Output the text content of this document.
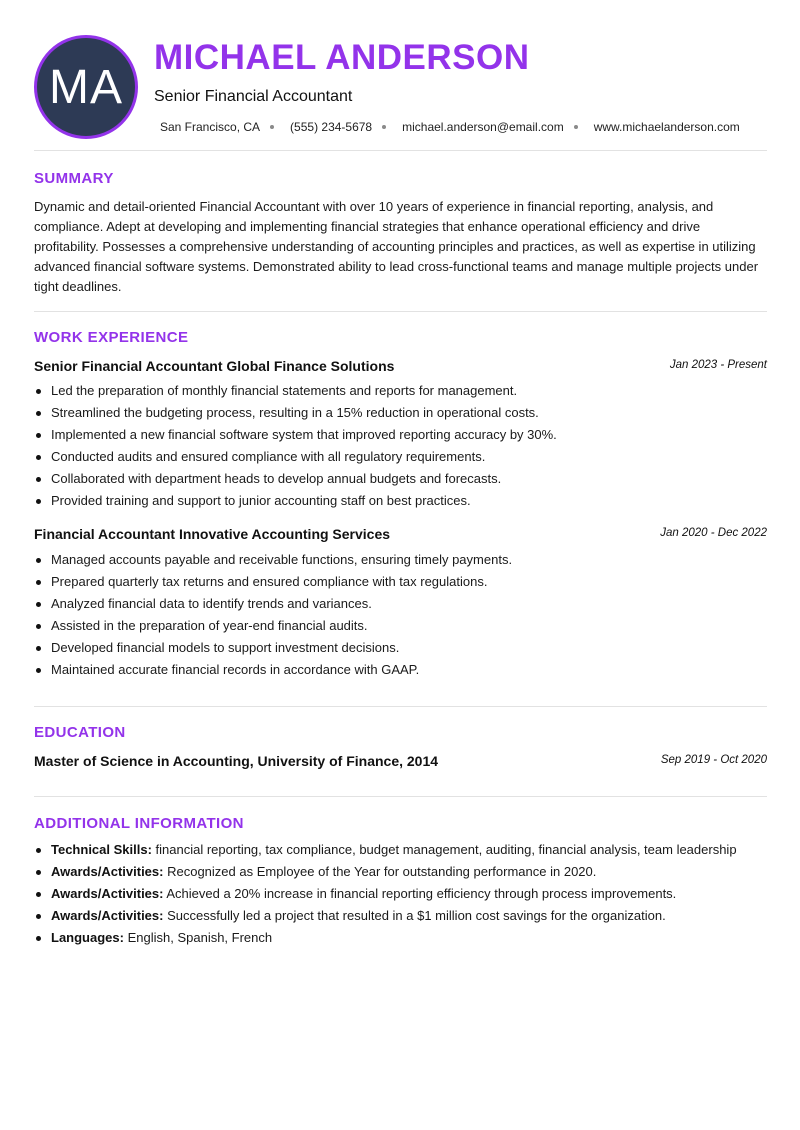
MA
MICHAEL ANDERSON
Senior Financial Accountant
San Francisco, CA	(555) 234-5678	michael.anderson@email.com	www.michaelanderson.com
SUMMARY

Dynamic and detail-oriented Financial Accountant with over 10 years of experience in financial reporting, analysis, and compliance. Adept at developing and implementing financial strategies that enhance operational efficiency and drive profitability. Possesses a comprehensive understanding of accounting principles and practices, as well as expertise in utilizing advanced financial software systems. Demonstrated ability to lead cross-functional teams and manage multiple projects under tight deadlines.

WORK EXPERIENCE
Senior Financial Accountant Global Finance Solutions	Jan 2023 - Present
Led the preparation of monthly financial statements and reports for management.
Streamlined the budgeting process, resulting in a 15% reduction in operational costs.
Implemented a new financial software system that improved reporting accuracy by 30%.
Conducted audits and ensured compliance with all regulatory requirements.
Collaborated with department heads to develop annual budgets and forecasts.
Provided training and support to junior accounting staff on best practices.
Financial Accountant Innovative Accounting Services	Jan 2020 - Dec 2022
Managed accounts payable and receivable functions, ensuring timely payments.
Prepared quarterly tax returns and ensured compliance with tax regulations.
Analyzed financial data to identify trends and variances.
Assisted in the preparation of year-end financial audits.
Developed financial models to support investment decisions.
Maintained accurate financial records in accordance with GAAP.
EDUCATION
Master of Science in Accounting, University of Finance, 2014	Sep 2019 - Oct 2020
ADDITIONAL INFORMATION
Technical Skills: financial reporting, tax compliance, budget management, auditing, financial analysis, team leadership
Awards/Activities: Recognized as Employee of the Year for outstanding performance in 2020.
Awards/Activities: Achieved a 20% increase in financial reporting efficiency through process improvements.
Awards/Activities: Successfully led a project that resulted in a $1 million cost savings for the organization.
Languages: English, Spanish, French
